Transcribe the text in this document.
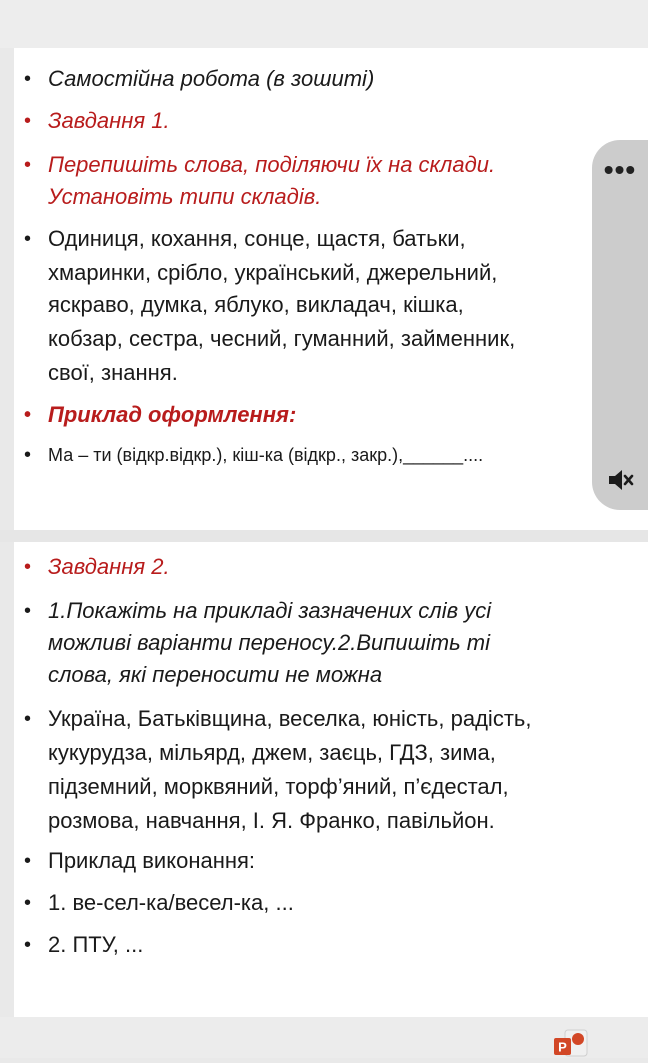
• Самостійна робота (в зошиті)
• Завдання 1.
• Перепишіть слова, поділяючи їх на склади.
Установіть типи складів.
• Одиниця, кохання, сонце, щастя, батьки,
хмаринки, срібло, український, джерельний,
яскраво, думка, яблуко, викладач, кішка,
кобзар, сестра, чесний, гуманний, займенник,
свої, знання.
• Приклад оформлення:
• Ма – ти (відкр.відкр.), кіш-ка (відкр., закр.),______....
• Завдання 2.
• 1.Покажіть на прикладі зазначених слів усі
можливі варіанти переносу.2.Випишіть ті
слова, які переносити не можна
• Україна, Батьківщина, веселка, юність, радість,
кукурудза, мільярд, джем, заєць, ГДЗ, зима,
підземний, морквяний, торф’яний, п’єдестал,
розмова, навчання, І. Я. Франко, павільйон.
• Приклад виконання:
• 1. ве-сел-ка/весел-ка, ...
• 2. ПТУ, ...
•••
P
